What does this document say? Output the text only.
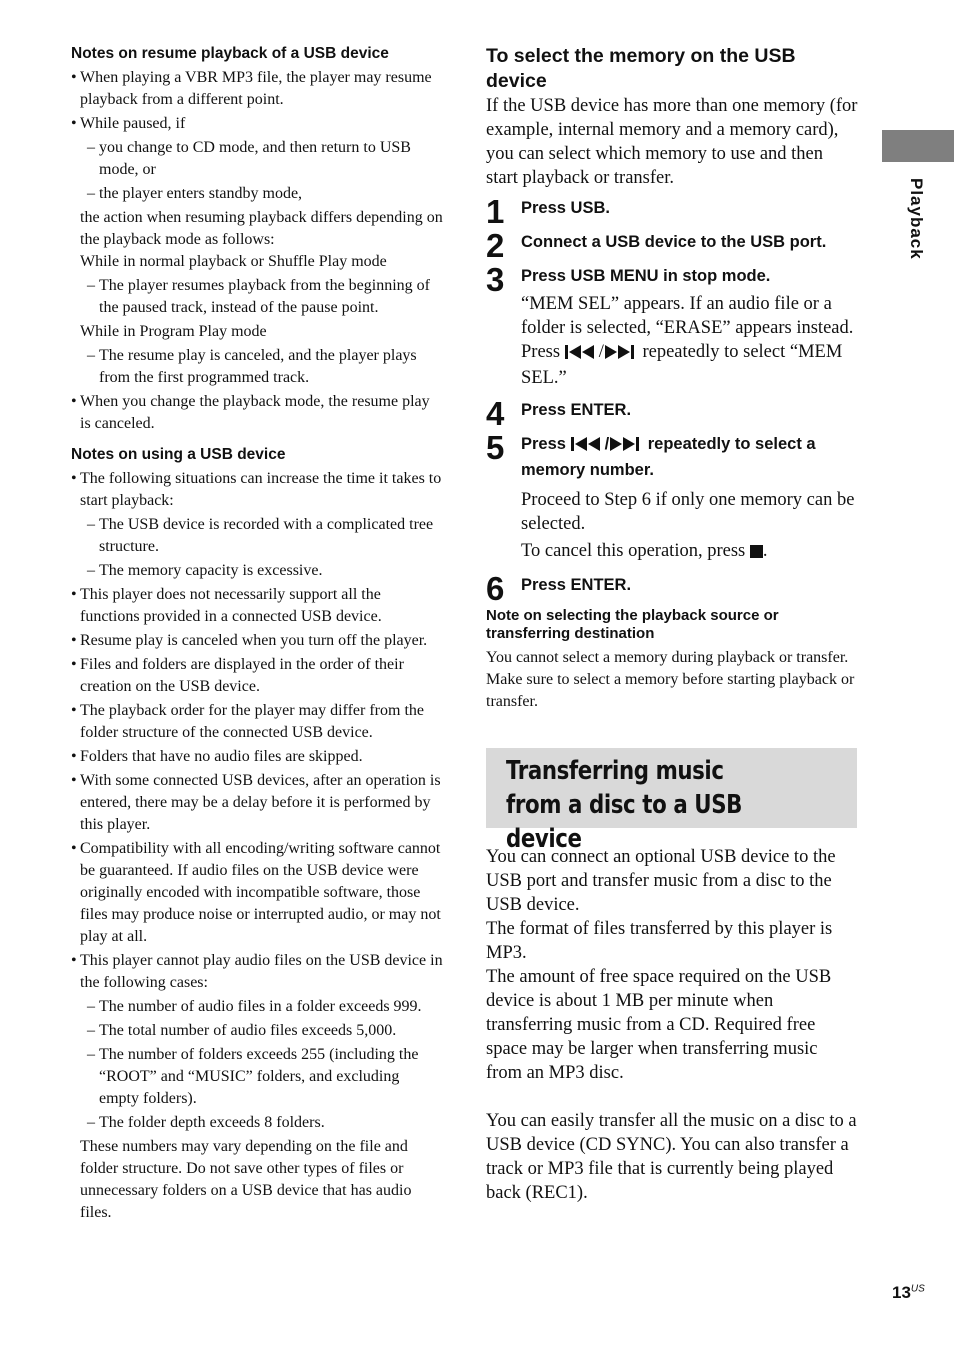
Notes on resume playback of a USB device
• When playing a VBR MP3 file, the player may resume playback from a different point.
• While paused, if
– you change to CD mode, and then return to USB mode, or
– the player enters standby mode,
the action when resuming playback differs depending on the playback mode as follows:
While in normal playback or Shuffle Play mode
– The player resumes playback from the beginning of the paused track, instead of the pause point.
While in Program Play mode
– The resume play is canceled, and the player plays from the first programmed track.
• When you change the playback mode, the resume play is canceled.
Notes on using a USB device
• The following situations can increase the time it takes to start playback:
– The USB device is recorded with a complicated tree structure.
– The memory capacity is excessive.
• This player does not necessarily support all the functions provided in a connected USB device.
• Resume play is canceled when you turn off the player.
• Files and folders are displayed in the order of their creation on the USB device.
• The playback order for the player may differ from the folder structure of the connected USB device.
• Folders that have no audio files are skipped.
• With some connected USB devices, after an operation is entered, there may be a delay before it is performed by this player.
• Compatibility with all encoding/writing software cannot be guaranteed. If audio files on the USB device were originally encoded with incompatible software, those files may produce noise or interrupted audio, or may not play at all.
• This player cannot play audio files on the USB device in the following cases:
– The number of audio files in a folder exceeds 999.
– The total number of audio files exceeds 5,000.
– The number of folders exceeds 255 (including the “ROOT” and “MUSIC” folders, and excluding empty folders).
– The folder depth exceeds 8 folders.
These numbers may vary depending on the file and folder structure. Do not save other types of files or unnecessary folders on a USB device that has audio files.
To select the memory on the USB device
If the USB device has more than one memory (for example, internal memory and a memory card), you can select which memory to use and then start playback or transfer.
1 Press USB.
2 Connect a USB device to the USB port.
3 Press USB MENU in stop mode.
“MEM SEL” appears. If an audio file or a folder is selected, “ERASE” appears instead. Press / repeatedly to select “MEM SEL.”
4 Press ENTER.
5 Press / repeatedly to select a memory number.
Proceed to Step 6 if only one memory can be selected.
To cancel this operation, press .
6 Press ENTER.
Note on selecting the playback source or transferring destination
You cannot select a memory during playback or transfer. Make sure to select a memory before starting playback or transfer.
Transferring music from a disc to a USB device
You can connect an optional USB device to the USB port and transfer music from a disc to the USB device.
The format of files transferred by this player is MP3.
The amount of free space required on the USB device is about 1 MB per minute when transferring music from a CD. Required free space may be larger when transferring music from an MP3 disc.
You can easily transfer all the music on a disc to a USB device (CD SYNC). You can also transfer a track or MP3 file that is currently being played back (REC1).
Playback
$13^{US}$
